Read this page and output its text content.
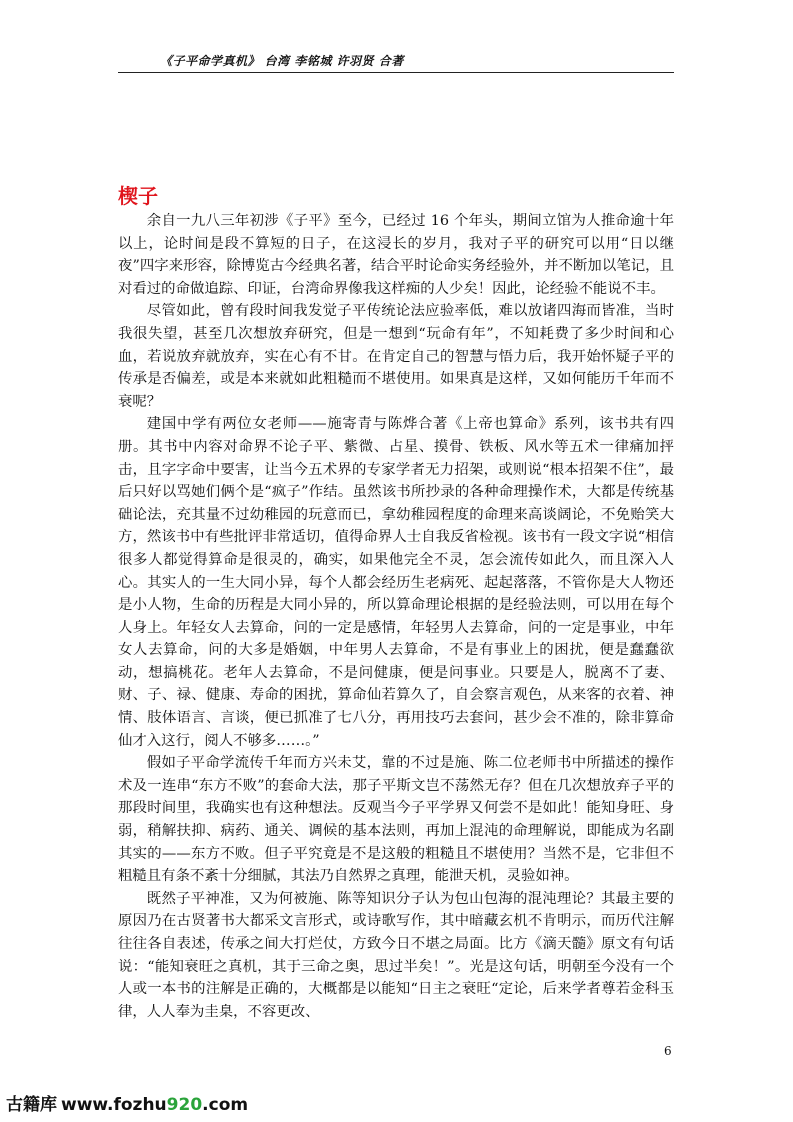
《子平命学真机》 台湾 李铭城 许羽贤 合著
楔子

余自一九八三年初涉《子平》至今，已经过 16 个年头，期间立馆为人推命逾十年以上，论时间是段不算短的日子，在这浸长的岁月，我对子平的研究可以用“日以继夜”四字来形容，除博览古今经典名著，结合平时论命实务经验外，并不断加以笔记，且对看过的命做追踪、印证，台湾命界像我这样痴的人少矣！因此，论经验不能说不丰。

尽管如此，曾有段时间我发觉子平传统论法应验率低，难以放诸四海而皆准，当时我很失望，甚至几次想放弃研究，但是一想到“玩命有年”，不知耗费了多少时间和心血，若说放弃就放弃，实在心有不甘。在肯定自己的智慧与悟力后，我开始怀疑子平的传承是否偏差，或是本来就如此粗糙而不堪使用。如果真是这样，又如何能历千年而不衰呢？

建国中学有两位女老师——施寄青与陈烨合著《上帝也算命》系列，该书共有四册。其书中内容对命界不论子平、紫微、占星、摸骨、铁板、风水等五术一律痛加抨击，且字字命中要害，让当今五术界的专家学者无力招架，或则说“根本招架不住”，最后只好以骂她们俩个是“疯子”作结。虽然该书所抄录的各种命理操作术，大都是传统基础论法，充其量不过幼稚园的玩意而已，拿幼稚园程度的命理来高谈阔论，不免贻笑大方，然该书中有些批评非常适切，值得命界人士自我反省检视。该书有一段文字说“相信很多人都觉得算命是很灵的，确实，如果他完全不灵，怎会流传如此久，而且深入人心。其实人的一生大同小异，每个人都会经历生老病死、起起落落，不管你是大人物还是小人物，生命的历程是大同小异的，所以算命理论根据的是经验法则，可以用在每个人身上。年轻女人去算命，问的一定是感情，年轻男人去算命，问的一定是事业，中年女人去算命，问的大多是婚姻，中年男人去算命，不是有事业上的困扰，便是蠢蠢欲动，想搞桃花。老年人去算命，不是问健康，便是问事业。只要是人，脱离不了妻、财、子、禄、健康、寿命的困扰，算命仙若算久了，自会察言观色，从来客的衣着、神情、肢体语言、言谈，便已抓准了七八分，再用技巧去套问，甚少会不准的，除非算命仙才入这行，阅人不够多……。”

假如子平命学流传千年而方兴未艾，靠的不过是施、陈二位老师书中所描述的操作术及一连串“东方不败”的套命大法，那子平斯文岂不荡然无存？但在几次想放弃子平的那段时间里，我确实也有这种想法。反观当今子平学界又何尝不是如此！能知身旺、身弱，稍解扶抑、病药、通关、调候的基本法则，再加上混沌的命理解说，即能成为名副其实的——东方不败。但子平究竟是不是这般的粗糙且不堪使用？当然不是，它非但不粗糙且有条不紊十分细腻，其法乃自然界之真理，能泄天机，灵验如神。

既然子平神准，又为何被施、陈等知识分子认为包山包海的混沌理论？其最主要的原因乃在古贤著书大都采文言形式，或诗歌写作，其中暗藏玄机不肯明示，而历代注解往往各自表述，传承之间大打烂仗，方致今日不堪之局面。比方《滴天髓》原文有句话说：“能知衰旺之真机，其于三命之奥，思过半矣！”。光是这句话，明朝至今没有一个人或一本书的注解是正确的，大概都是以能知“日主之衰旺“定论，后来学者尊若金科玉律，人人奉为圭臬，不容更改、

6
古籍库 www.fozhu920.com
